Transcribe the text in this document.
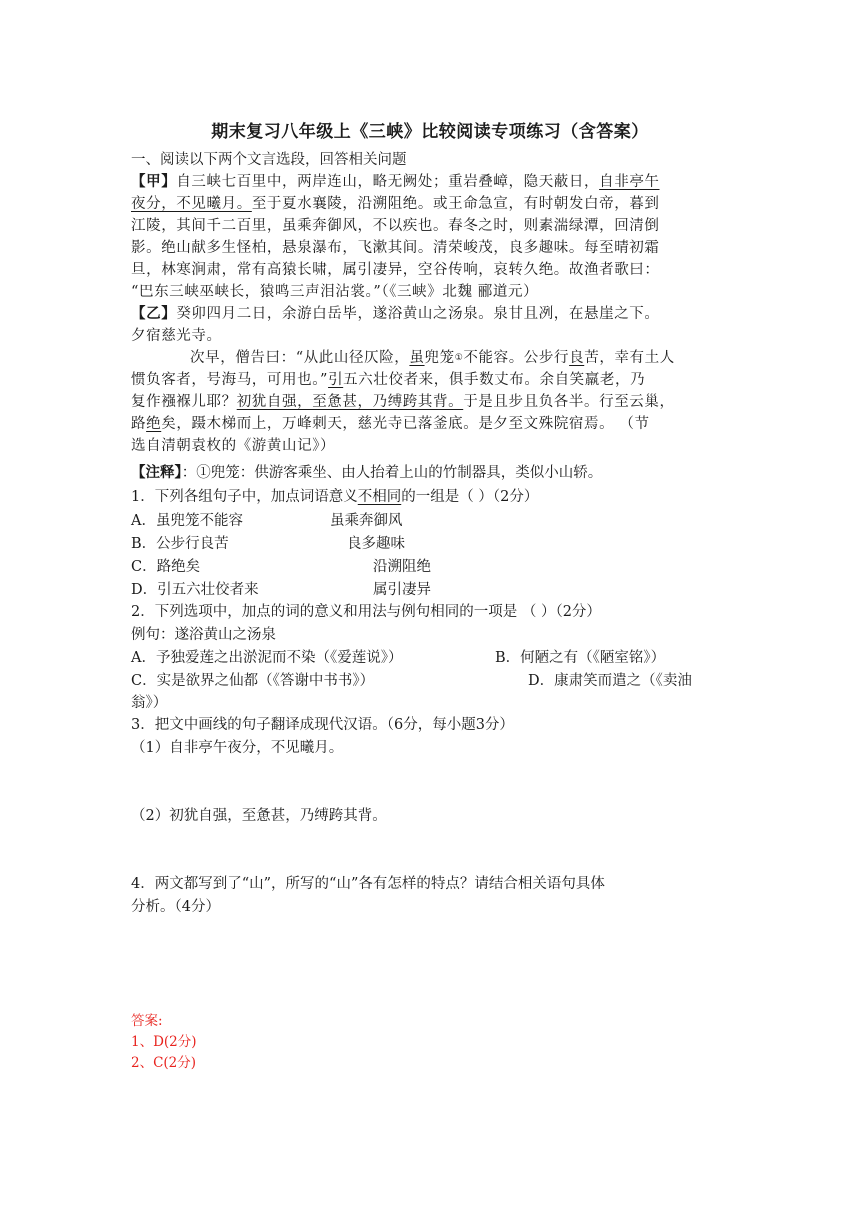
期末复习八年级上《三峡》比较阅读专项练习（含答案）
一、阅读以下两个文言选段，回答相关问题
【甲】自三峡七百里中，两岸连山，略无阙处；重岩叠嶂，隐天蔽日，自非亭午
夜分，不见曦月。至于夏水襄陵，沿溯阻绝。或王命急宣，有时朝发白帝，暮到
江陵，其间千二百里，虽乘奔御风，不以疾也。春冬之时，则素湍绿潭，回清倒
影。绝山献多生怪柏，悬泉瀑布，飞漱其间。清荣峻茂，良多趣味。每至晴初霜
旦，林寒涧肃，常有高猿长啸，属引凄异，空谷传响，哀转久绝。故渔者歌曰：
“巴东三峡巫峡长，猿鸣三声泪沾裳。”（《三峡》北魏 郦道元）
【乙】癸卯四月二日，余游白岳毕，遂浴黄山之汤泉。泉甘且冽，在悬崖之下。
夕宿慈光寺。
次早，僧告曰：“从此山径仄险，虽兜笼①不能容。公步行良苦，幸有土人
惯负客者，号海马，可用也。”引五六壮佼者来，俱手数丈布。余自笑羸老，乃
复作襁褓儿耶？初犹自强，至惫甚，乃缚跨其背。于是且步且负各半。行至云巢，
路绝矣，蹑木梯而上，万峰刺天，慈光寺已落釜底。是夕至文殊院宿焉。 （节
选自清朝袁枚的《游黄山记》）
【注释】：①兜笼：供游客乘坐、由人抬着上山的竹制器具，类似小山轿。
1．下列各组句子中，加点词语意义不相同的一组是（ ）（2分）
A．虽兜笼不能容	虽乘奔御风
B．公步行良苦	良多趣味
C．路绝矣	沿溯阻绝
D．引五六壮佼者来	属引凄异
2．下列选项中，加点的词的意义和用法与例句相同的一项是 （ ）（2分）
例句：遂浴黄山之汤泉
A．予独爱莲之出淤泥而不染（《爱莲说》）	B．何陋之有（《陋室铭》）
C．实是欲界之仙都（《答谢中书书》）	D．康肃笑而遣之（《卖油
翁》）
3．把文中画线的句子翻译成现代汉语。（6分，每小题3分）
（1）自非亭午夜分，不见曦月。
（2）初犹自强，至惫甚，乃缚跨其背。
4．两文都写到了“山”，所写的“山”各有怎样的特点？请结合相关语句具体
分析。（4分）
答案:
1、D(2分)
2、C(2分)
